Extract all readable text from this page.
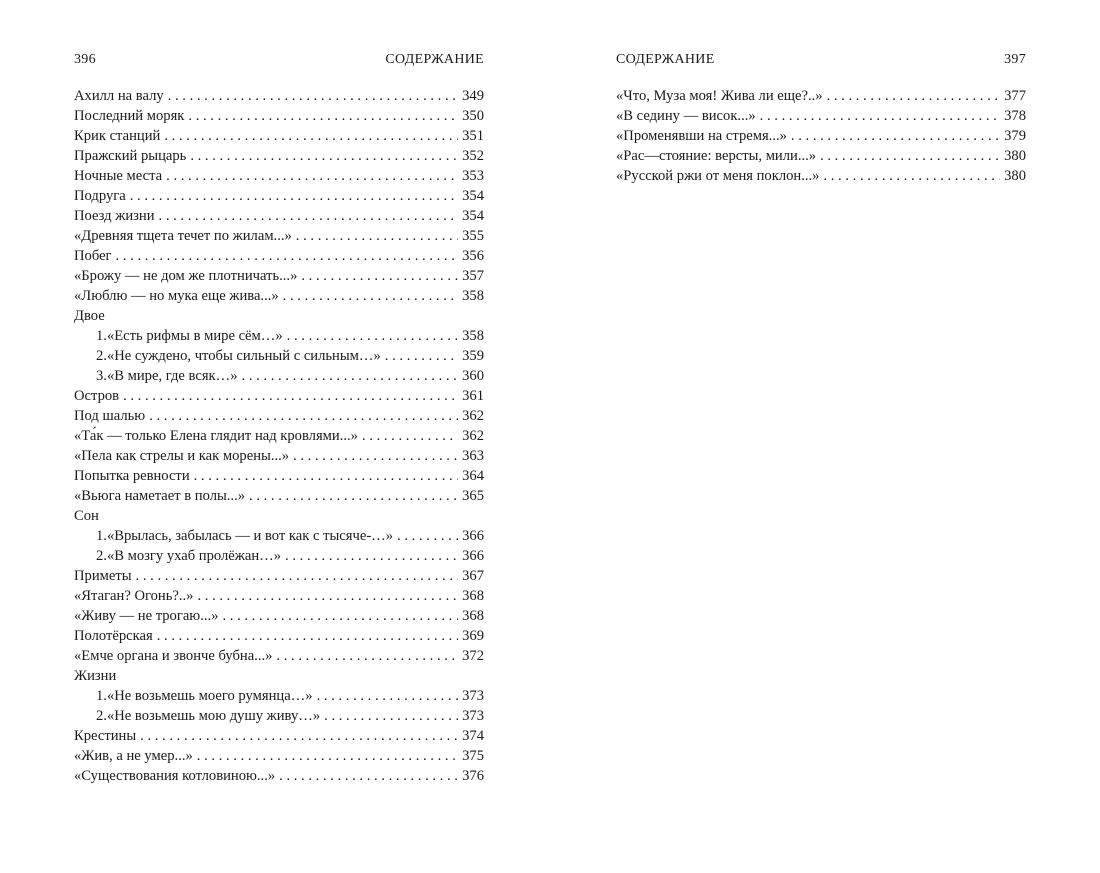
396	СОДЕРЖАНИЕ
Ахилл на валу . . .	349
Последний моряк . . .	350
Крик станций . . .	351
Пражский рыцарь . . .	352
Ночные места . . .	353
Подруга . . .	354
Поезд жизни . . .	354
«Древняя тщета течет по жилам...» . . .	355
Побег . . .	356
«Брожу — не дом же плотничать...» . . .	357
«Люблю — но мука еще жива...» . . .	358
Двое
1. «Есть рифмы в мире сём…» . . .	358
2. «Не суждено, чтобы сильный с сильным…» . . .	359
3. «В мире, где всяк…» . . .	360
Остров . . .	361
Под шалью . . .	362
«Та́к — только Елена глядит над кровлями...» . . .	362
«Пела как стрелы и как морены...» . . .	363
Попытка ревности . . .	364
«Вьюга наметает в полы...» . . .	365
Сон
1. «Врылась, забылась — и вот как с тысяче-…» . . .	366
2. «В мозгу ухаб пролёжан…» . . .	366
Приметы . . .	367
«Ятаган? Огонь?..» . . .	368
«Живу — не трогаю...» . . .	368
Полотёрская . . .	369
«Емче органа и звонче бубна...» . . .	372
Жизни
1. «Не возьмешь моего румянца…» . . .	373
2. «Не возьмешь мою душу живу…» . . .	373
Крестины . . .	374
«Жив, а не умер...» . . .	375
«Существования котловиною...» . . .	376
СОДЕРЖАНИЕ	397
«Что, Муза моя! Жива ли еще?..» . . .	377
«В седину — висок...» . . .	378
«Променявши на стремя...» . . .	379
«Рас—стояние: версты, мили...» . . .	380
«Русской ржи от меня поклон...» . . .	380
